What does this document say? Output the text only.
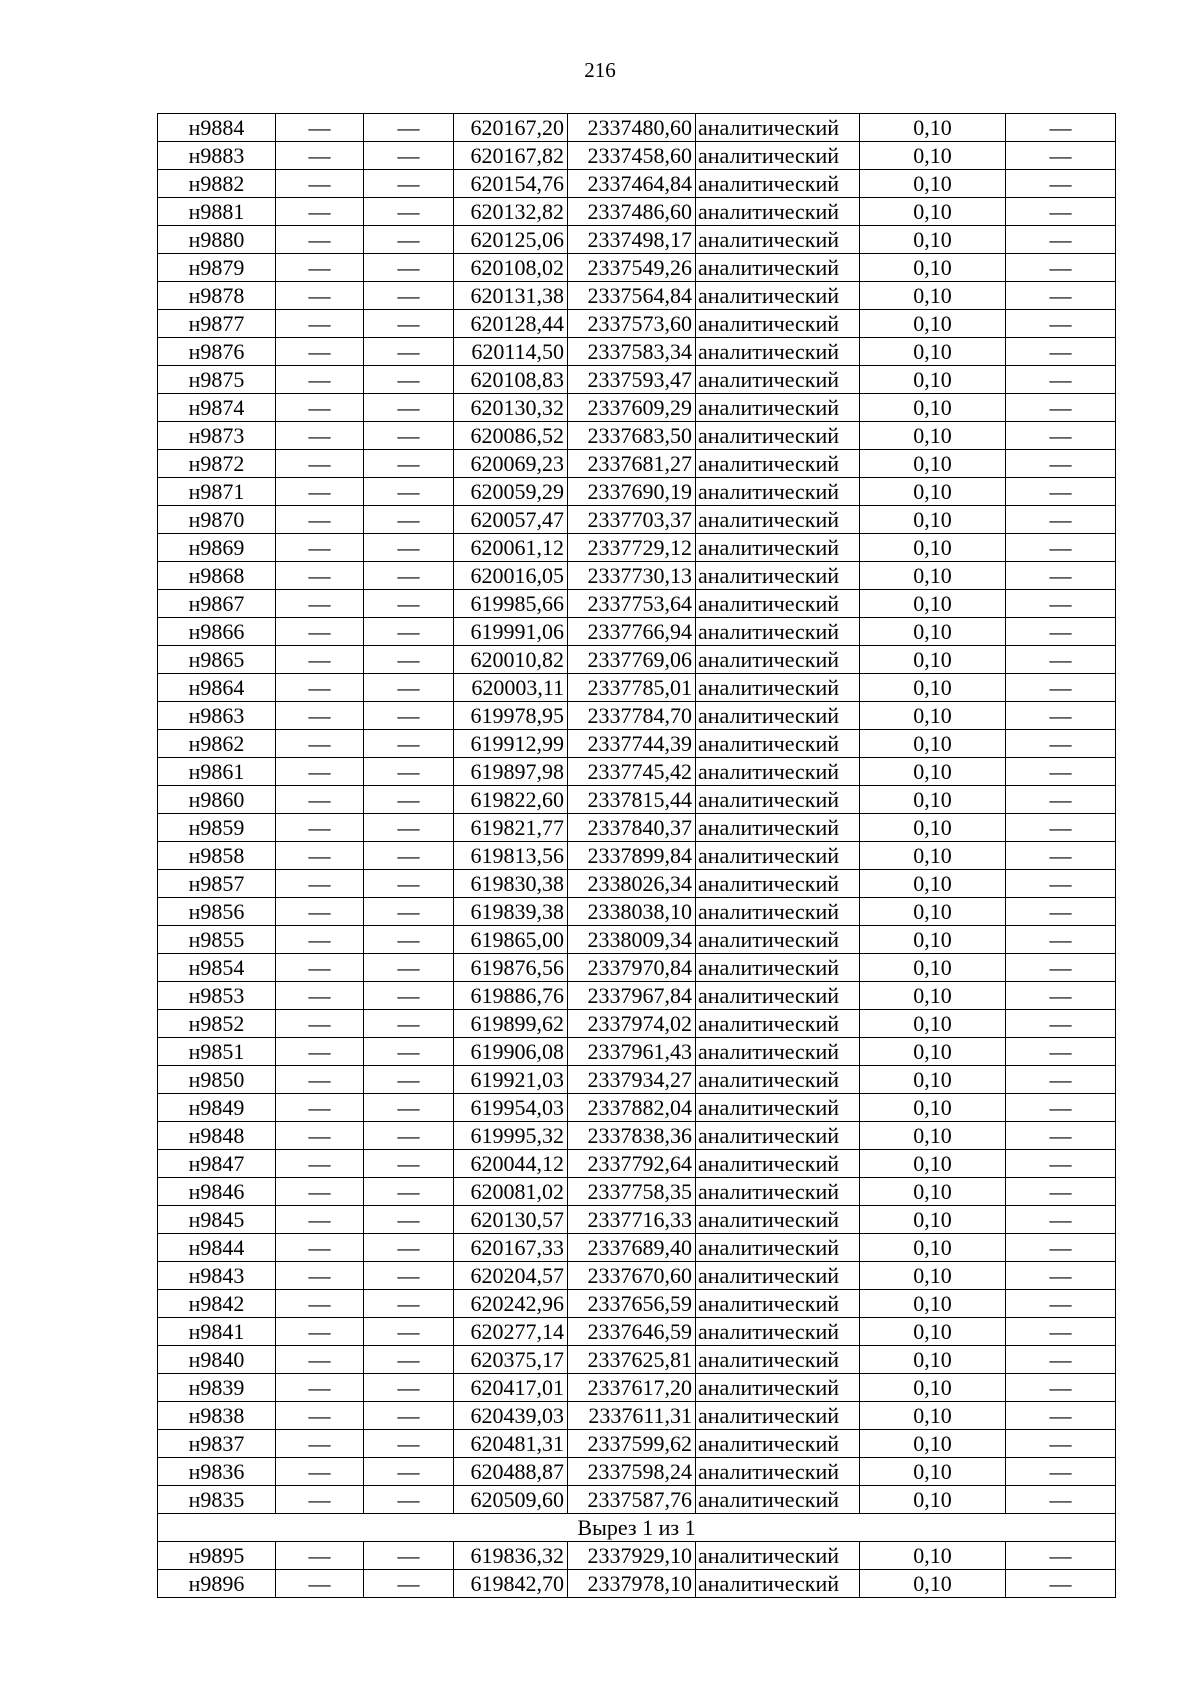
216
н9884	—	—	620167,20	2337480,60	аналитический	0,10	—
н9883	—	—	620167,82	2337458,60	аналитический	0,10	—
н9882	—	—	620154,76	2337464,84	аналитический	0,10	—
н9881	—	—	620132,82	2337486,60	аналитический	0,10	—
н9880	—	—	620125,06	2337498,17	аналитический	0,10	—
н9879	—	—	620108,02	2337549,26	аналитический	0,10	—
н9878	—	—	620131,38	2337564,84	аналитический	0,10	—
н9877	—	—	620128,44	2337573,60	аналитический	0,10	—
н9876	—	—	620114,50	2337583,34	аналитический	0,10	—
н9875	—	—	620108,83	2337593,47	аналитический	0,10	—
н9874	—	—	620130,32	2337609,29	аналитический	0,10	—
н9873	—	—	620086,52	2337683,50	аналитический	0,10	—
н9872	—	—	620069,23	2337681,27	аналитический	0,10	—
н9871	—	—	620059,29	2337690,19	аналитический	0,10	—
н9870	—	—	620057,47	2337703,37	аналитический	0,10	—
н9869	—	—	620061,12	2337729,12	аналитический	0,10	—
н9868	—	—	620016,05	2337730,13	аналитический	0,10	—
н9867	—	—	619985,66	2337753,64	аналитический	0,10	—
н9866	—	—	619991,06	2337766,94	аналитический	0,10	—
н9865	—	—	620010,82	2337769,06	аналитический	0,10	—
н9864	—	—	620003,11	2337785,01	аналитический	0,10	—
н9863	—	—	619978,95	2337784,70	аналитический	0,10	—
н9862	—	—	619912,99	2337744,39	аналитический	0,10	—
н9861	—	—	619897,98	2337745,42	аналитический	0,10	—
н9860	—	—	619822,60	2337815,44	аналитический	0,10	—
н9859	—	—	619821,77	2337840,37	аналитический	0,10	—
н9858	—	—	619813,56	2337899,84	аналитический	0,10	—
н9857	—	—	619830,38	2338026,34	аналитический	0,10	—
н9856	—	—	619839,38	2338038,10	аналитический	0,10	—
н9855	—	—	619865,00	2338009,34	аналитический	0,10	—
н9854	—	—	619876,56	2337970,84	аналитический	0,10	—
н9853	—	—	619886,76	2337967,84	аналитический	0,10	—
н9852	—	—	619899,62	2337974,02	аналитический	0,10	—
н9851	—	—	619906,08	2337961,43	аналитический	0,10	—
н9850	—	—	619921,03	2337934,27	аналитический	0,10	—
н9849	—	—	619954,03	2337882,04	аналитический	0,10	—
н9848	—	—	619995,32	2337838,36	аналитический	0,10	—
н9847	—	—	620044,12	2337792,64	аналитический	0,10	—
н9846	—	—	620081,02	2337758,35	аналитический	0,10	—
н9845	—	—	620130,57	2337716,33	аналитический	0,10	—
н9844	—	—	620167,33	2337689,40	аналитический	0,10	—
н9843	—	—	620204,57	2337670,60	аналитический	0,10	—
н9842	—	—	620242,96	2337656,59	аналитический	0,10	—
н9841	—	—	620277,14	2337646,59	аналитический	0,10	—
н9840	—	—	620375,17	2337625,81	аналитический	0,10	—
н9839	—	—	620417,01	2337617,20	аналитический	0,10	—
н9838	—	—	620439,03	2337611,31	аналитический	0,10	—
н9837	—	—	620481,31	2337599,62	аналитический	0,10	—
н9836	—	—	620488,87	2337598,24	аналитический	0,10	—
н9835	—	—	620509,60	2337587,76	аналитический	0,10	—
Вырез 1 из 1							
н9895	—	—	619836,32	2337929,10	аналитический	0,10	—
н9896	—	—	619842,70	2337978,10	аналитический	0,10	—
